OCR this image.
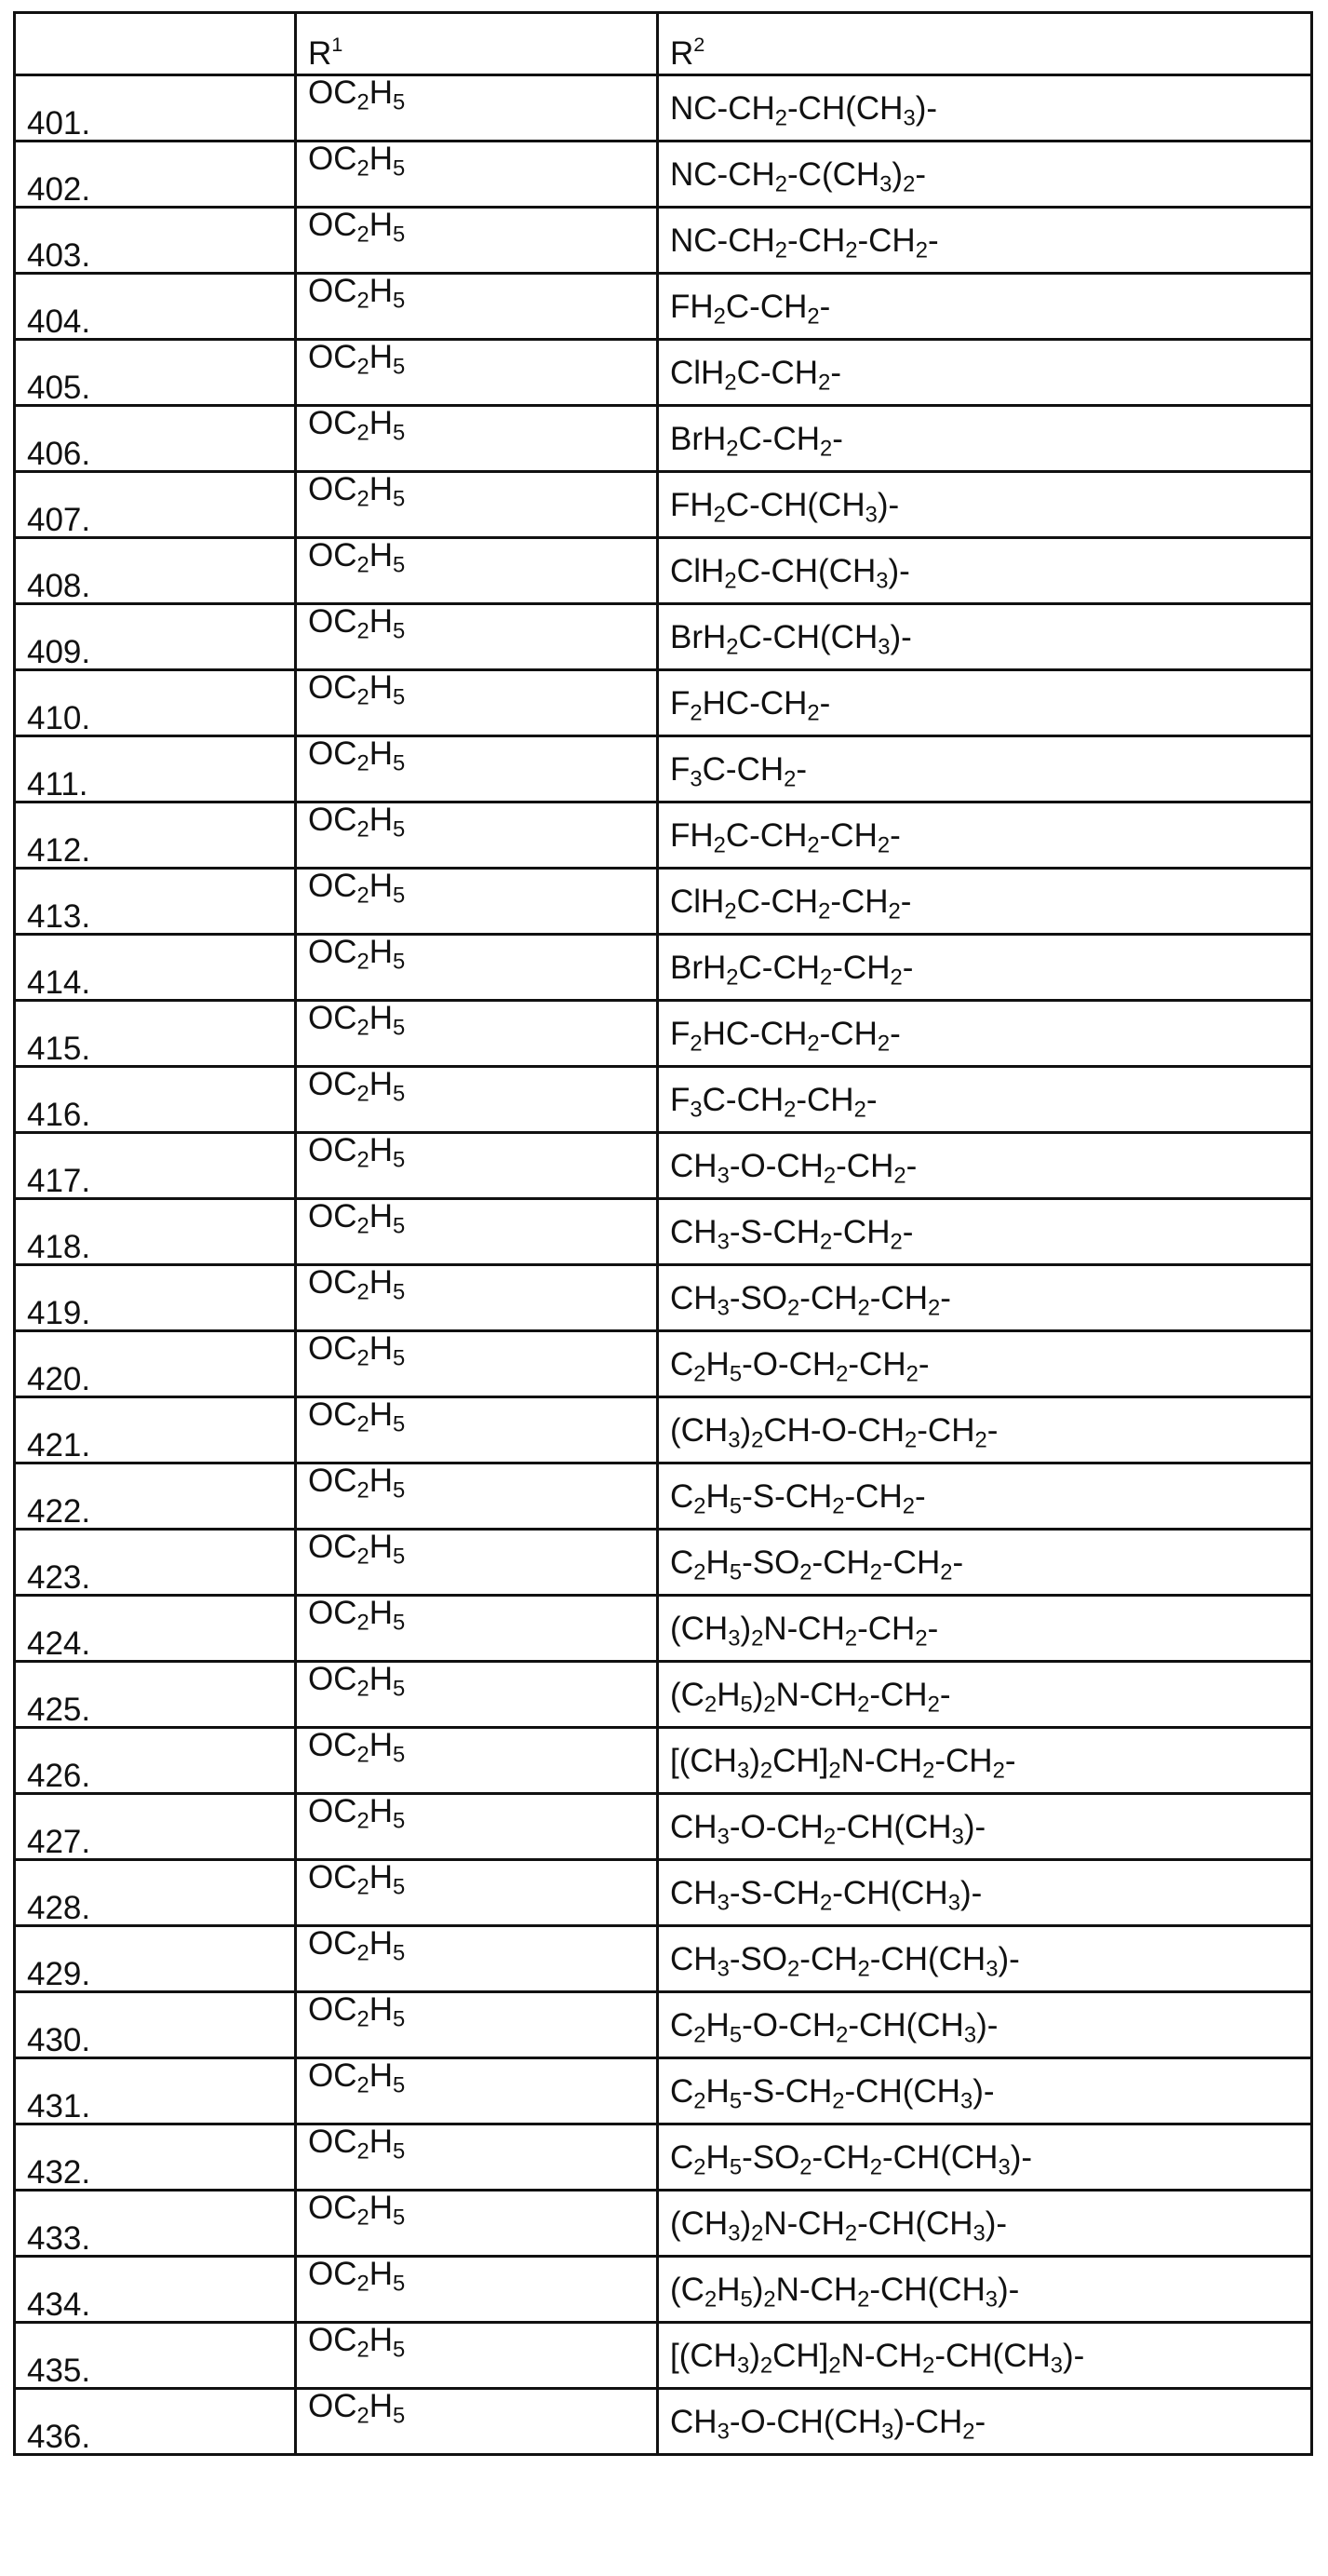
	$R^1$	$R^2$
401.	$OC_2H_5$	$NC-CH_2-CH(CH_3)-$
402.	$OC_2H_5$	$NC-CH_2-C(CH_3)_2-$
403.	$OC_2H_5$	$NC-CH_2-CH_2-CH_2-$
404.	$OC_2H_5$	$FH_2C-CH_2-$
405.	$OC_2H_5$	$ClH_2C-CH_2-$
406.	$OC_2H_5$	$BrH_2C-CH_2-$
407.	$OC_2H_5$	$FH_2C-CH(CH_3)-$
408.	$OC_2H_5$	$ClH_2C-CH(CH_3)-$
409.	$OC_2H_5$	$BrH_2C-CH(CH_3)-$
410.	$OC_2H_5$	$F_2HC-CH_2-$
411.	$OC_2H_5$	$F_3C-CH_2-$
412.	$OC_2H_5$	$FH_2C-CH_2-CH_2-$
413.	$OC_2H_5$	$ClH_2C-CH_2-CH_2-$
414.	$OC_2H_5$	$BrH_2C-CH_2-CH_2-$
415.	$OC_2H_5$	$F_2HC-CH_2-CH_2-$
416.	$OC_2H_5$	$F_3C-CH_2-CH_2-$
417.	$OC_2H_5$	$CH_3-O-CH_2-CH_2-$
418.	$OC_2H_5$	$CH_3-S-CH_2-CH_2-$
419.	$OC_2H_5$	$CH_3-SO_2-CH_2-CH_2-$
420.	$OC_2H_5$	$C_2H_5-O-CH_2-CH_2-$
421.	$OC_2H_5$	$(CH_3)_2CH-O-CH_2-CH_2-$
422.	$OC_2H_5$	$C_2H_5-S-CH_2-CH_2-$
423.	$OC_2H_5$	$C_2H_5-SO_2-CH_2-CH_2-$
424.	$OC_2H_5$	$(CH_3)_2N-CH_2-CH_2-$
425.	$OC_2H_5$	$(C_2H_5)_2N-CH_2-CH_2-$
426.	$OC_2H_5$	$[(CH_3)_2CH]_2N-CH_2-CH_2-$
427.	$OC_2H_5$	$CH_3-O-CH_2-CH(CH_3)-$
428.	$OC_2H_5$	$CH_3-S-CH_2-CH(CH_3)-$
429.	$OC_2H_5$	$CH_3-SO_2-CH_2-CH(CH_3)-$
430.	$OC_2H_5$	$C_2H_5-O-CH_2-CH(CH_3)-$
431.	$OC_2H_5$	$C_2H_5-S-CH_2-CH(CH_3)-$
432.	$OC_2H_5$	$C_2H_5-SO_2-CH_2-CH(CH_3)-$
433.	$OC_2H_5$	$(CH_3)_2N-CH_2-CH(CH_3)-$
434.	$OC_2H_5$	$(C_2H_5)_2N-CH_2-CH(CH_3)-$
435.	$OC_2H_5$	$[(CH_3)_2CH]_2N-CH_2-CH(CH_3)-$
436.	$OC_2H_5$	$CH_3-O-CH(CH_3)-CH_2-$
